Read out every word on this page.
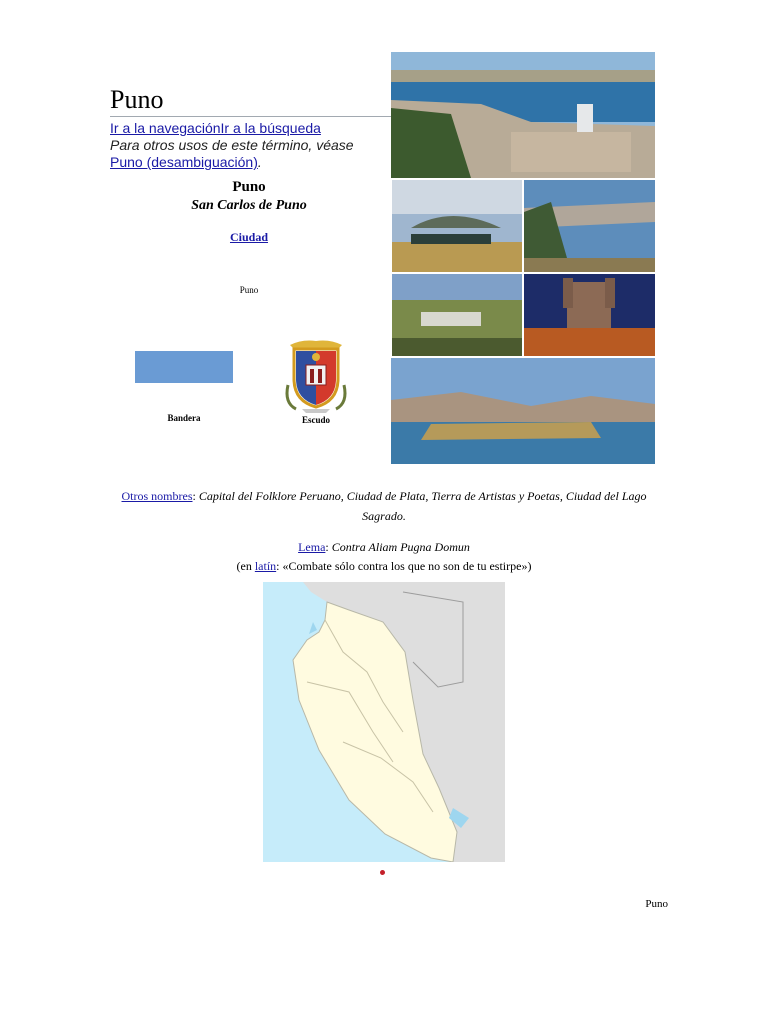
Puno
Ir a la navegaciónIr a la búsqueda
Para otros usos de este término, véase Puno (desambiguación).
Puno
San Carlos de Puno
Ciudad
Puno
Bandera	Escudo
Otros nombres: Capital del Folklore Peruano, Ciudad de Plata, Tierra de Artistas y Poetas, Ciudad del Lago Sagrado.
Lema: Contra Aliam Pugna Domun
(en latín: «Combate sólo contra los que no son de tu estirpe»)
Puno
